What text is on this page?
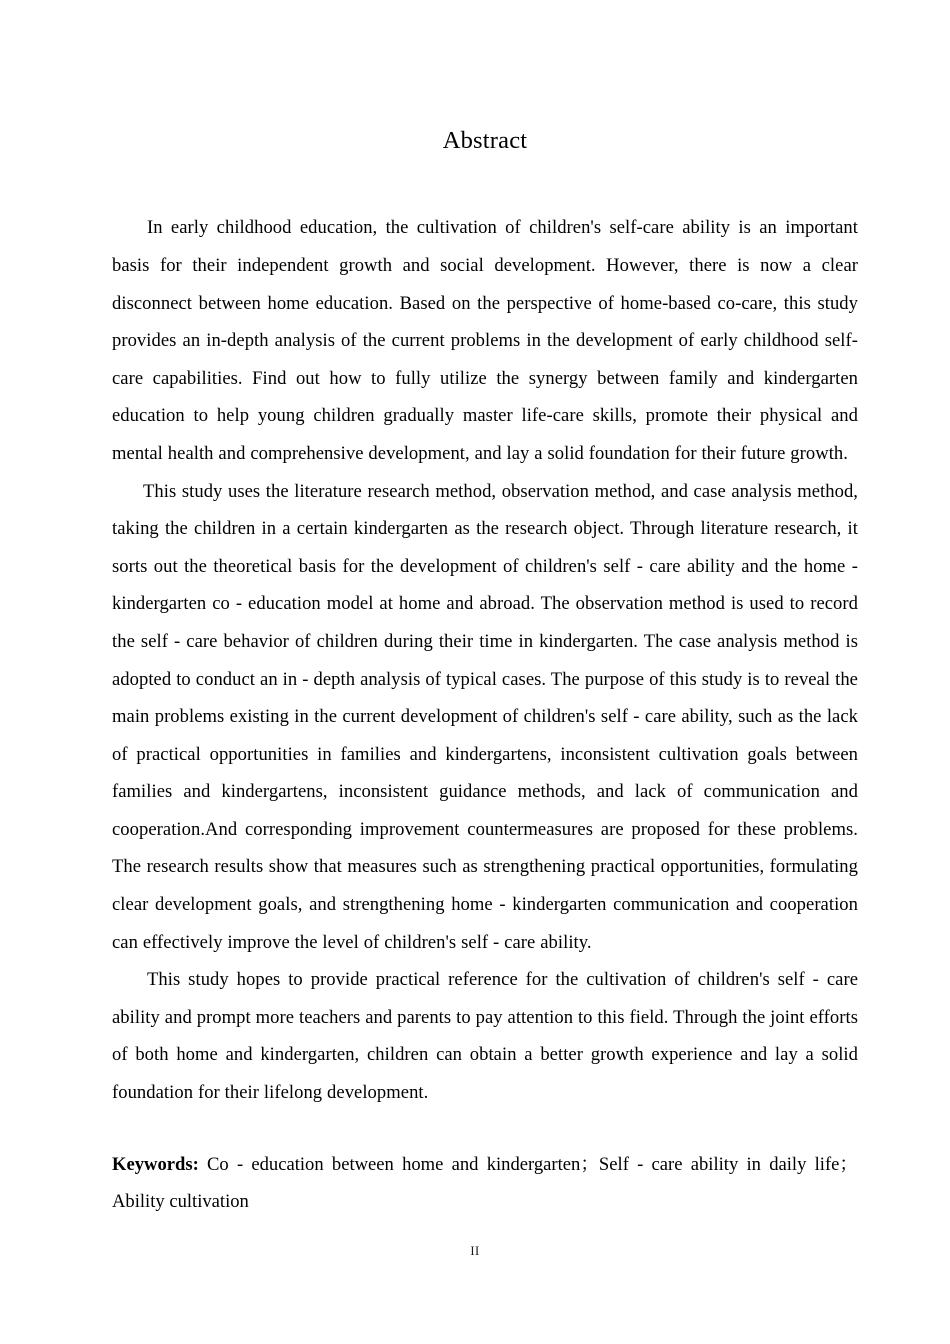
Abstract

In early childhood education, the cultivation of children's self-care ability is an important basis for their independent growth and social development. However, there is now a clear disconnect between home education. Based on the perspective of home-based co-care, this study provides an in-depth analysis of the current problems in the development of early childhood self-care capabilities. Find out how to fully utilize the synergy between family and kindergarten education to help young children gradually master life-care skills, promote their physical and mental health and comprehensive development, and lay a solid foundation for their future growth.

This study uses the literature research method, observation method, and case analysis method, taking the children in a certain kindergarten as the research object. Through literature research, it sorts out the theoretical basis for the development of children's self - care ability and the home - kindergarten co - education model at home and abroad. The observation method is used to record the self - care behavior of children during their time in kindergarten. The case analysis method is adopted to conduct an in - depth analysis of typical cases. The purpose of this study is to reveal the main problems existing in the current development of children's self - care ability, such as the lack of practical opportunities in families and kindergartens, inconsistent cultivation goals between families and kindergartens, inconsistent guidance methods, and lack of communication and cooperation.And corresponding improvement countermeasures are proposed for these problems. The research results show that measures such as strengthening practical opportunities, formulating clear development goals, and strengthening home - kindergarten communication and cooperation can effectively improve the level of children's self - care ability.

This study hopes to provide practical reference for the cultivation of children's self - care ability and prompt more teachers and parents to pay attention to this field. Through the joint efforts of both home and kindergarten, children can obtain a better growth experience and lay a solid foundation for their lifelong development.

Keywords: Co - education between home and kindergarten；Self - care ability in daily life；Ability cultivation

II
